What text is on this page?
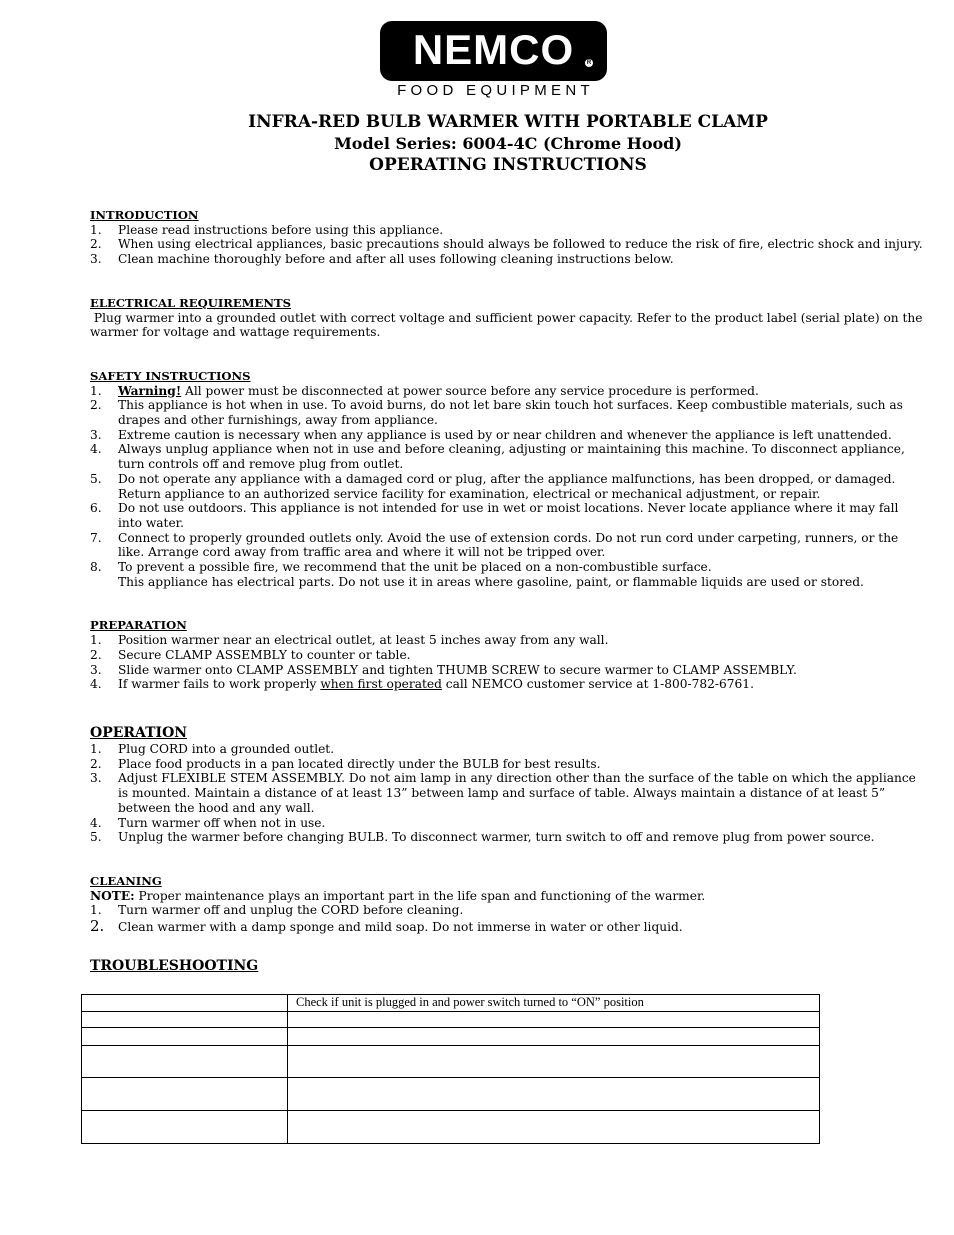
NEMCO	R
FOOD EQUIPMENT
INFRA-RED BULB WARMER WITH PORTABLE CLAMP
Model Series: 6004-4C (Chrome Hood)
OPERATING INSTRUCTIONS
INTRODUCTION
1. Please read instructions before using this appliance.
2. When using electrical appliances, basic precautions should always be followed to reduce the risk of fire, electric shock and injury.
3. Clean machine thoroughly before and after all uses following cleaning instructions below.
ELECTRICAL REQUIREMENTS

Plug warmer into a grounded outlet with correct voltage and sufficient power capacity. Refer to the product label (serial plate) on the warmer for voltage and wattage requirements.

SAFETY INSTRUCTIONS
1. Warning! All power must be disconnected at power source before any service procedure is performed.
2. This appliance is hot when in use. To avoid burns, do not let bare skin touch hot surfaces. Keep combustible materials, such as drapes and other furnishings, away from appliance.
3. Extreme caution is necessary when any appliance is used by or near children and whenever the appliance is left unattended.
4. Always unplug appliance when not in use and before cleaning, adjusting or maintaining this machine. To disconnect appliance, turn controls off and remove plug from outlet.
5. Do not operate any appliance with a damaged cord or plug, after the appliance malfunctions, has been dropped, or damaged. Return appliance to an authorized service facility for examination, electrical or mechanical adjustment, or repair.
6. Do not use outdoors. This appliance is not intended for use in wet or moist locations. Never locate appliance where it may fall into water.
7. Connect to properly grounded outlets only. Avoid the use of extension cords. Do not run cord under carpeting, runners, or the like. Arrange cord away from traffic area and where it will not be tripped over.
8. To prevent a possible fire, we recommend that the unit be placed on a non-combustible surface.
This appliance has electrical parts. Do not use it in areas where gasoline, paint, or flammable liquids are used or stored.
PREPARATION
1. Position warmer near an electrical outlet, at least 5 inches away from any wall.
2. Secure CLAMP ASSEMBLY to counter or table.
3. Slide warmer onto CLAMP ASSEMBLY and tighten THUMB SCREW to secure warmer to CLAMP ASSEMBLY.
4. If warmer fails to work properly when first operated call NEMCO customer service at 1-800-782-6761.
OPERATION
1. Plug CORD into a grounded outlet.
2. Place food products in a pan located directly under the BULB for best results.
3. Adjust FLEXIBLE STEM ASSEMBLY. Do not aim lamp in any direction other than the surface of the table on which the appliance is mounted. Maintain a distance of at least 13” between lamp and surface of table. Always maintain a distance of at least 5” between the hood and any wall.
4. Turn warmer off when not in use.
5. Unplug the warmer before changing BULB. To disconnect warmer, turn switch to off and remove plug from power source.
CLEANING

NOTE: Proper maintenance plays an important part in the life span and functioning of the warmer.

1. Turn warmer off and unplug the CORD before cleaning.
2. Clean warmer with a damp sponge and mild soap. Do not immerse in water or other liquid.
TROUBLESHOOTING
	Check if unit is plugged in and power switch turned to “ON” position
